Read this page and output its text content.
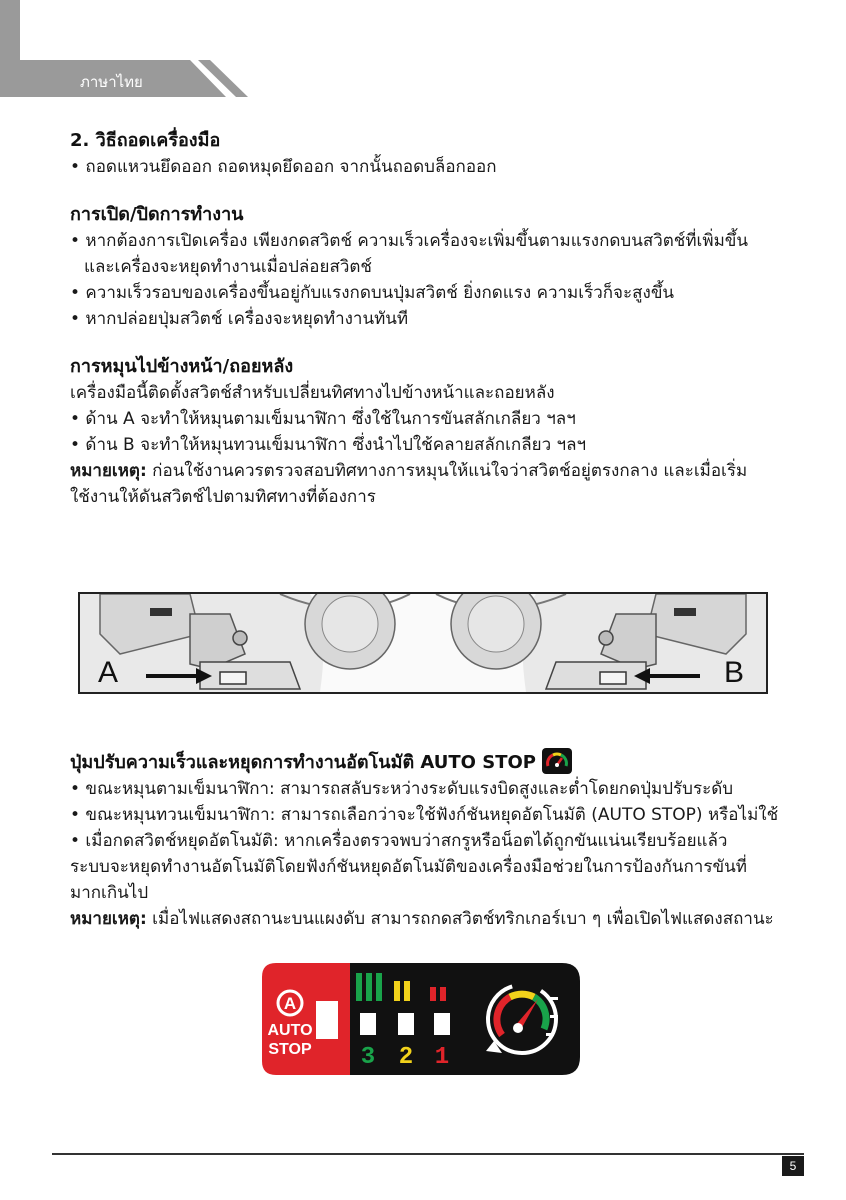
ภาษาไทย

2. วิธีถอดเครื่องมือ

• ถอดแหวนยึดออก ถอดหมุดยึดออก จากนั้นถอดบล็อกออก

การเปิด/ปิดการทำงาน

• หากต้องการเปิดเครื่อง เพียงกดสวิตช์ ความเร็วเครื่องจะเพิ่มขึ้นตามแรงกดบนสวิตช์ที่เพิ่มขึ้น

และเครื่องจะหยุดทำงานเมื่อปล่อยสวิตช์

• ความเร็วรอบของเครื่องขึ้นอยู่กับแรงกดบนปุ่มสวิตช์ ยิ่งกดแรง ความเร็วก็จะสูงขึ้น

• หากปล่อยปุ่มสวิตช์ เครื่องจะหยุดทำงานทันที

การหมุนไปข้างหน้า/ถอยหลัง

เครื่องมือนี้ติดตั้งสวิตช์สำหรับเปลี่ยนทิศทางไปข้างหน้าและถอยหลัง

• ด้าน A จะทำให้หมุนตามเข็มนาฬิกา ซึ่งใช้ในการขันสลักเกลียว ฯลฯ

• ด้าน B จะทำให้หมุนทวนเข็มนาฬิกา ซึ่งนำไปใช้คลายสลักเกลียว ฯลฯ

หมายเหตุ: ก่อนใช้งานควรตรวจสอบทิศทางการหมุนให้แน่ใจว่าสวิตช์อยู่ตรงกลาง และเมื่อเริ่ม

ใช้งานให้ดันสวิตช์ไปตามทิศทางที่ต้องการ

A	B

ปุ่มปรับความเร็วและหยุดการทำงานอัตโนมัติ AUTO STOP

• ขณะหมุนตามเข็มนาฬิกา: สามารถสลับระหว่างระดับแรงบิดสูงและต่ำโดยกดปุ่มปรับระดับ

• ขณะหมุนทวนเข็มนาฬิกา: สามารถเลือกว่าจะใช้ฟังก์ชันหยุดอัตโนมัติ (AUTO STOP) หรือไม่ใช้

• เมื่อกดสวิตช์หยุดอัตโนมัติ: หากเครื่องตรวจพบว่าสกรูหรือน็อตได้ถูกขันแน่นเรียบร้อยแล้ว

ระบบจะหยุดทำงานอัตโนมัติโดยฟังก์ชันหยุดอัตโนมัติของเครื่องมือช่วยในการป้องกันการขันที่

มากเกินไป

หมายเหตุ: เมื่อไฟแสดงสถานะบนแผงดับ สามารถกดสวิตช์ทริกเกอร์เบา ๆ เพื่อเปิดไฟแสดงสถานะ

A
AUTO
STOP 3 2 1
5
